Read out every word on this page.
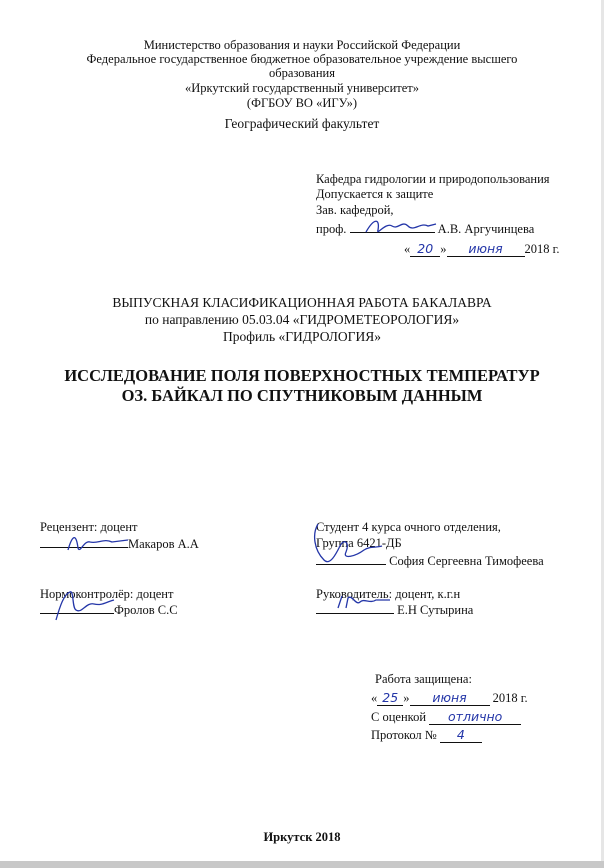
Министерство образования и науки Российской Федерации
Федеральное государственное бюджетное образовательное учреждение высшего
образования
«Иркутский государственный университет»
(ФГБОУ ВО «ИГУ»)
Географический факультет
Кафедра гидрологии и природопользования
Допускается к защите
Зав. кафедрой,
проф.	А.В. Аргучинцева
« 20 » июня 2018 г.
ВЫПУСКНАЯ КЛАСИФИКАЦИОННАЯ РАБОТА БАКАЛАВРА
по направлению 05.03.04 «ГИДРОМЕТЕОРОЛОГИЯ»
Профиль «ГИДРОЛОГИЯ»
ИССЛЕДОВАНИЕ ПОЛЯ ПОВЕРХНОСТНЫХ ТЕМПЕРАТУР
ОЗ. БАЙКАЛ ПО СПУТНИКОВЫМ ДАННЫМ
Рецензент: доцент
Макаров А.А
Студент 4 курса очного отделения,
Группа 6421-ДБ
София Сергеевна Тимофеева
Нормоконтролёр: доцент
Фролов С.С
Руководитель: доцент, к.г.н
Е.Н Сутырина
Работа защищена:
« 25 » июня 2018 г.
С оценкой отлично
Протокол № 4
Иркутск 2018
